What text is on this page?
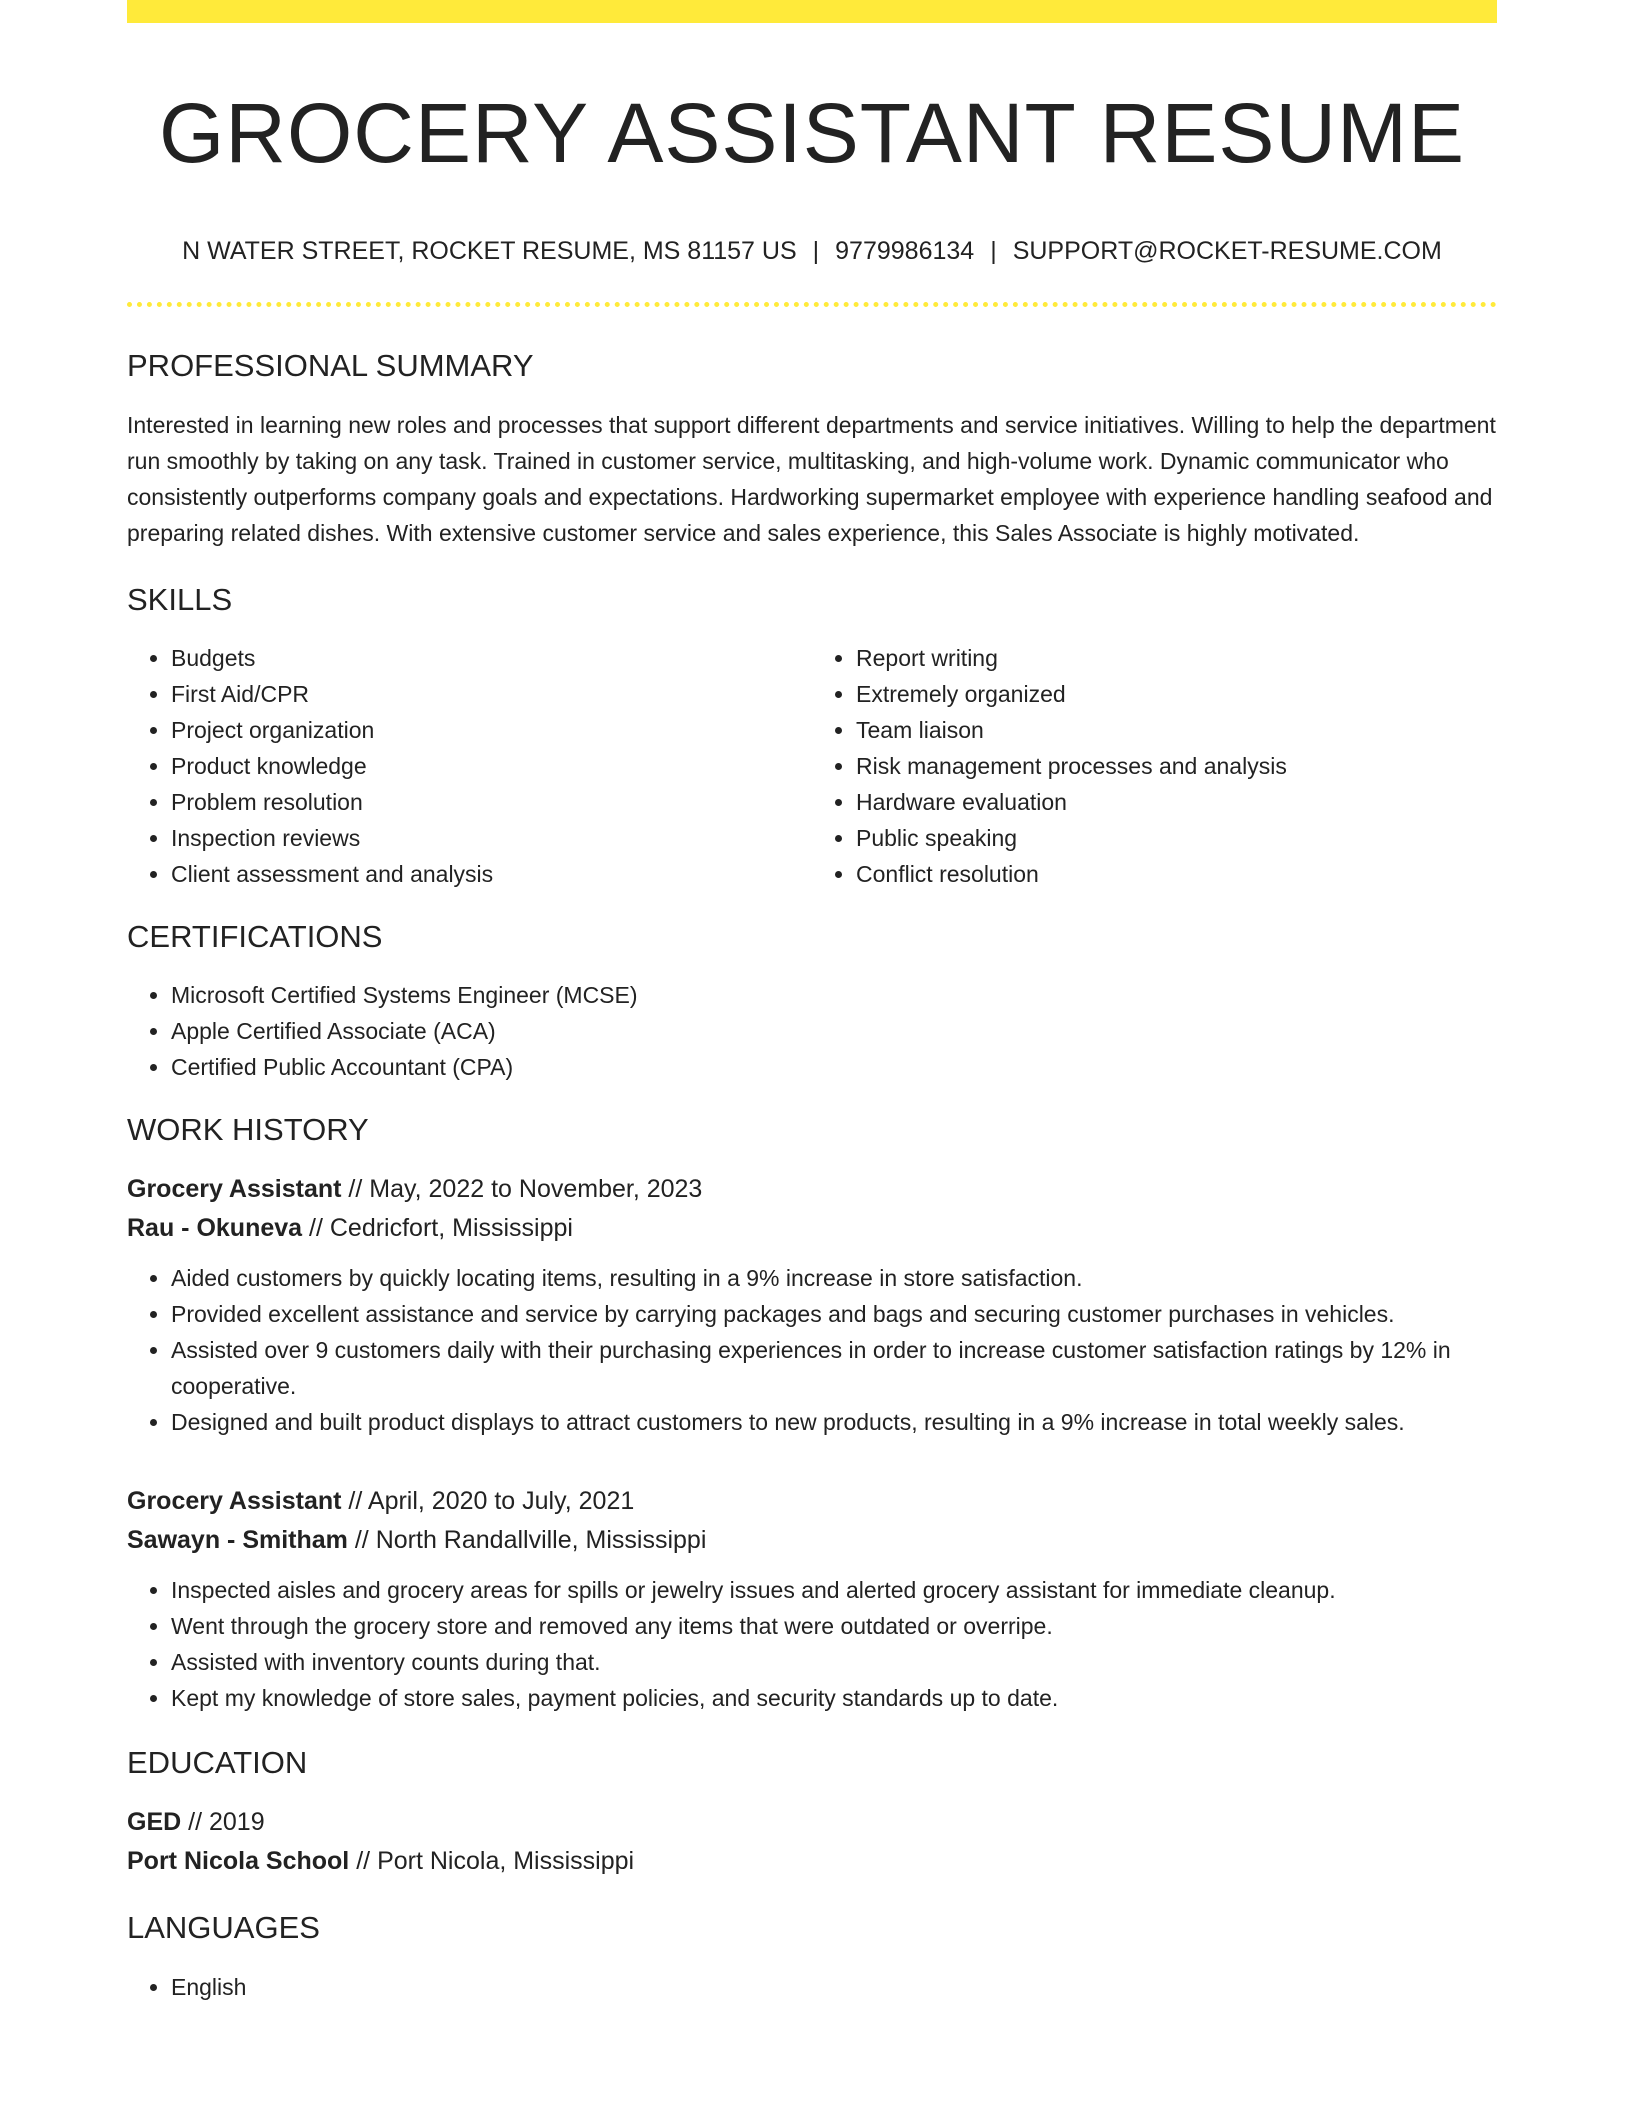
GROCERY ASSISTANT RESUME
N WATER STREET, ROCKET RESUME, MS 81157 US | 9779986134 | SUPPORT@ROCKET-RESUME.COM
PROFESSIONAL SUMMARY

Interested in learning new roles and processes that support different departments and service initiatives. Willing to help the department run smoothly by taking on any task. Trained in customer service, multitasking, and high-volume work. Dynamic communicator who consistently outperforms company goals and expectations. Hardworking supermarket employee with experience handling seafood and preparing related dishes. With extensive customer service and sales experience, this Sales Associate is highly motivated.

SKILLS
• Budgets
• First Aid/CPR
• Project organization
• Product knowledge
• Problem resolution
• Inspection reviews
• Client assessment and analysis
• Report writing
• Extremely organized
• Team liaison
• Risk management processes and analysis
• Hardware evaluation
• Public speaking
• Conflict resolution
CERTIFICATIONS
• Microsoft Certified Systems Engineer (MCSE)
• Apple Certified Associate (ACA)
• Certified Public Accountant (CPA)
WORK HISTORY
Grocery Assistant // May, 2022 to November, 2023
Rau - Okuneva // Cedricfort, Mississippi
• Aided customers by quickly locating items, resulting in a 9% increase in store satisfaction.
• Provided excellent assistance and service by carrying packages and bags and securing customer purchases in vehicles.
• Assisted over 9 customers daily with their purchasing experiences in order to increase customer satisfaction ratings by 12% in cooperative.
• Designed and built product displays to attract customers to new products, resulting in a 9% increase in total weekly sales.
Grocery Assistant // April, 2020 to July, 2021
Sawayn - Smitham // North Randallville, Mississippi
• Inspected aisles and grocery areas for spills or jewelry issues and alerted grocery assistant for immediate cleanup.
• Went through the grocery store and removed any items that were outdated or overripe.
• Assisted with inventory counts during that.
• Kept my knowledge of store sales, payment policies, and security standards up to date.
EDUCATION
GED // 2019
Port Nicola School // Port Nicola, Mississippi
LANGUAGES
• English
